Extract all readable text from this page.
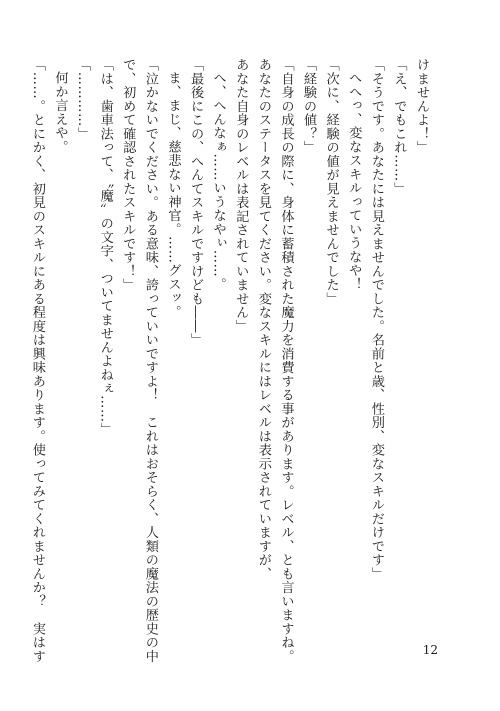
けませんよ！」
「え、でもこれ……」
「そうです。あなたには見えませんでした。名前と歳、性別、変なスキルだけです」
へへっ、変なスキルっていうなや！
「次に、経験の値が見えませんでした」
「経験の値？」
「自身の成長の際に、身体に蓄積された魔力を消費する事があります。レベル、とも言いますね。
あなたのステータスを見てください。変なスキルにはレベルは表示されていますが、
あなた自身のレベルは表記されていません」
へ、へんなぁ……いうなやぃ……。
「最後にこの、へんてスキルですけども――」
ま、まじ、慈悲ない神官。……グスッ。
「泣かないでください。ある意味、誇っていいですよ！　これはおそらく、人類の魔法の歴史の中
で、初めて確認されたスキルです！」
「は、歯車法って、〝魔〟の文字、ついてませんよねぇ……」
「…………」
何か言えや。
「……。とにかく、初見のスキルにある程度は興味あります。使ってみてくれませんか？　実はす	12
